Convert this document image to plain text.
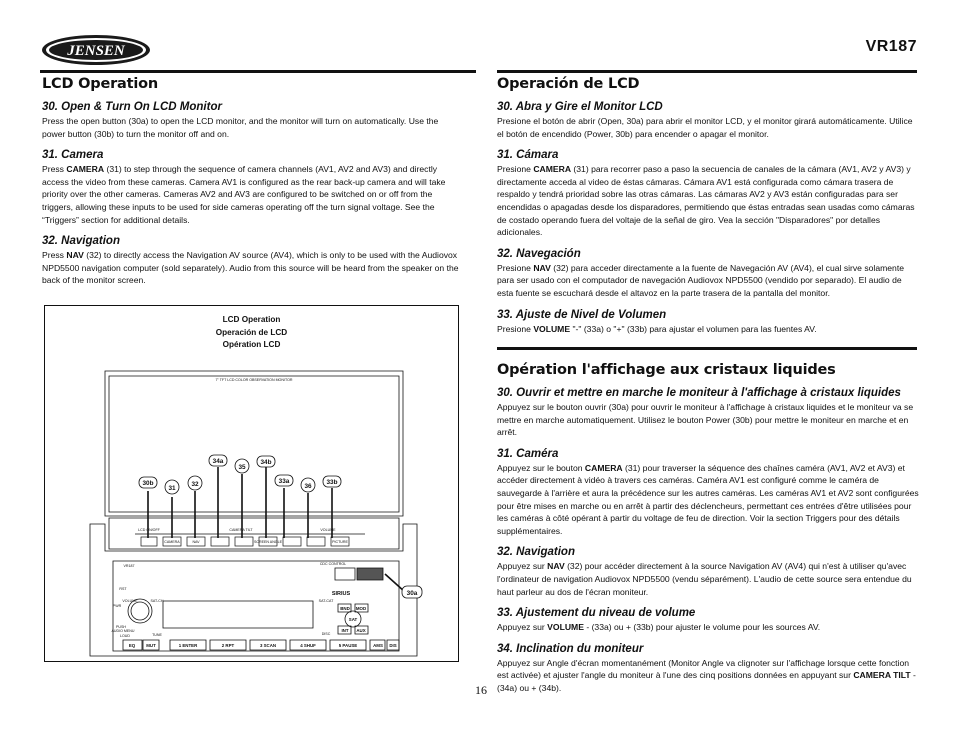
JENSEN	VR187
LCD Operation
30. Open & Turn On LCD Monitor
Press the open button (30a) to open the LCD monitor, and the monitor will turn on automatically. Use the power button (30b) to turn the monitor off and on.
31. Camera
Press CAMERA (31) to step through the sequence of camera channels (AV1, AV2 and AV3) and directly access the video from these cameras. Camera AV1 is configured as the rear back-up camera and will take priority over the other cameras. Cameras AV2 and AV3 are configured to be switched on or off from the triggers, allowing these inputs to be used for side cameras operating off the turn signal voltage. See the “Triggers” section for additional details.
32. Navigation
Press NAV (32) to directly access the Navigation AV source (AV4), which is only to be used with the Audiovox NPD5500 navigation computer (sold separately). Audio from this source will be heard from the speaker on the back of the monitor screen.
LCD Operation
Operación de LCD
Opération LCD
30b
31
32
34a
35
34b
33a
36
33b
30a
7" TFT LCD COLOR OBSERVATION MONITOR
LCD ON/OFF	CAMERA TILT	VOLUME
CAMERA	NAV	SCREEN ANGLE	PICTURE
VR187	CDC CONTROL
RST
PWR
VOLUME	SAT-CH
TUNE	DISC
SAT-CAT
PUSH
AUDIO MENU
LOUD
SIRIUS
EQ	MUT	1 ENTER	2 RPT	3 SCAN	4 SHUF	5 PAUSE	AMS DIS
BND MOD
SAT
INT AUX
Operación de LCD
30. Abra y Gire el Monitor LCD
Presione el botón de abrir (Open, 30a) para abrir el monitor LCD, y el monitor girará automáticamente. Utilice el botón de encendido (Power, 30b) para encender o apagar el monitor.
31. Cámara
Presione CAMERA (31) para recorrer paso a paso la secuencia de canales de la cámara (AV1, AV2 y AV3) y directamente acceda al video de éstas cámaras. Cámara AV1 está configurada como cámara trasera de respaldo y tendrá prioridad sobre las otras cámaras. Las cámaras AV2 y AV3 están configuradas para ser encendidas o apagadas desde los disparadores, permitiendo que éstas entradas sean usadas como cámaras de costado operando fuera del voltaje de la señal de giro. Vea la sección "Disparadores" por detalles adicionales.
32. Navegación
Presione NAV (32) para acceder directamente a la fuente de Navegación AV (AV4), el cual sirve solamente para ser usado con el computador de navegación Audiovox NPD5500 (vendido por separado). El audio de esta fuente se escuchará desde el altavoz en la parte trasera de la pantalla del monitor.
33. Ajuste de Nivel de Volumen
Presione VOLUME "-" (33a) o "+" (33b) para ajustar el volumen para las fuentes AV.
Opération l'affichage aux cristaux liquides
30. Ouvrir et mettre en marche le moniteur à l'affichage à cristaux liquides
Appuyez sur le bouton ouvrir (30a) pour ouvrir le moniteur à l'affichage à cristaux liquides et le moniteur va se mettre en marche automatiquement. Utilisez le bouton Power (30b) pour mettre le moniteur en marche et en arrêt.
31. Caméra
Appuyez sur le bouton CAMERA (31) pour traverser la séquence des chaînes caméra (AV1, AV2 et AV3) et accéder directement à vidéo à travers ces caméras. Caméra AV1 est configuré comme le caméra de sauvegarde à l'arrière et aura la précédence sur les autres caméras. Les caméras AV1 et AV2 sont configurées pour être mises en marche ou en arrêt à partir des déclencheurs, permettant ces entrées d'être utilisées pour les caméras à côté opérant à partir du voltage de feu de direction. Voir la section Triggers pour des détails supplémentaires.
32. Navigation
Appuyez sur NAV (32) pour accéder directement à la source Navigation AV (AV4) qui n'est à utiliser qu'avec l'ordinateur de navigation Audiovox NPD5500 (vendu séparément). L'audio de cette source sera entendue du haut parleur au dos de l'écran moniteur.
33. Ajustement du niveau de volume
Appuyez sur VOLUME - (33a) ou + (33b) pour ajuster le volume pour les sources AV.
34. Inclination du moniteur
Appuyez sur Angle d'écran momentanément (Monitor Angle va clignoter sur l'affichage lorsque cette fonction est activée) et ajuster l'angle du moniteur à l'une des cinq positions données en appuyant sur CAMERA TILT - (34a) ou + (34b).
16
